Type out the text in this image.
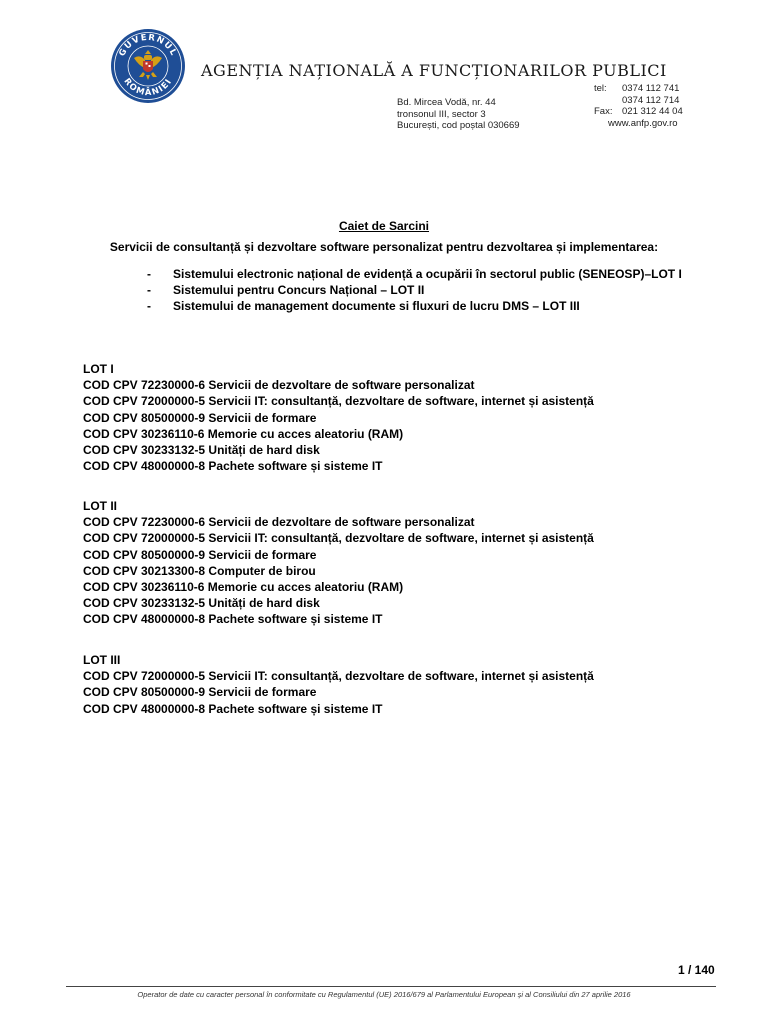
GUVERNUL
ROMÂNIEI
AGENȚIA NAȚIONALĂ A FUNCȚIONARILOR PUBLICI
Bd. Mircea Vodă, nr. 44
tronsonul III, sector 3
București, cod poștal 030669
tel: 0374 112 741
0374 112 714
Fax: 021 312 44 04
www.anfp.gov.ro
Caiet de Sarcini
Servicii de consultanță și dezvoltare software personalizat pentru dezvoltarea și implementarea:
- Sistemului electronic național de evidență a ocupării în sectorul public (SENEOSP)–LOT I
- Sistemului pentru Concurs Național – LOT II
- Sistemului de management documente si fluxuri de lucru DMS – LOT III
LOT I
COD CPV 72230000-6 Servicii de dezvoltare de software personalizat
COD CPV 72000000-5 Servicii IT: consultanță, dezvoltare de software, internet și asistență
COD CPV 80500000-9 Servicii de formare
COD CPV 30236110-6 Memorie cu acces aleatoriu (RAM)
COD CPV 30233132-5 Unități de hard disk
COD CPV 48000000-8 Pachete software și sisteme IT
LOT II
COD CPV 72230000-6 Servicii de dezvoltare de software personalizat
COD CPV 72000000-5 Servicii IT: consultanță, dezvoltare de software, internet și asistență
COD CPV 80500000-9 Servicii de formare
COD CPV 30213300-8 Computer de birou
COD CPV 30236110-6 Memorie cu acces aleatoriu (RAM)
COD CPV 30233132-5 Unități de hard disk
COD CPV 48000000-8 Pachete software și sisteme IT
LOT III
COD CPV 72000000-5 Servicii IT: consultanță, dezvoltare de software, internet și asistență
COD CPV 80500000-9 Servicii de formare
COD CPV 48000000-8 Pachete software și sisteme IT
1 / 140
Operator de date cu caracter personal în conformitate cu Regulamentul (UE) 2016/679 al Parlamentului European și al Consiliului din 27 aprilie 2016
